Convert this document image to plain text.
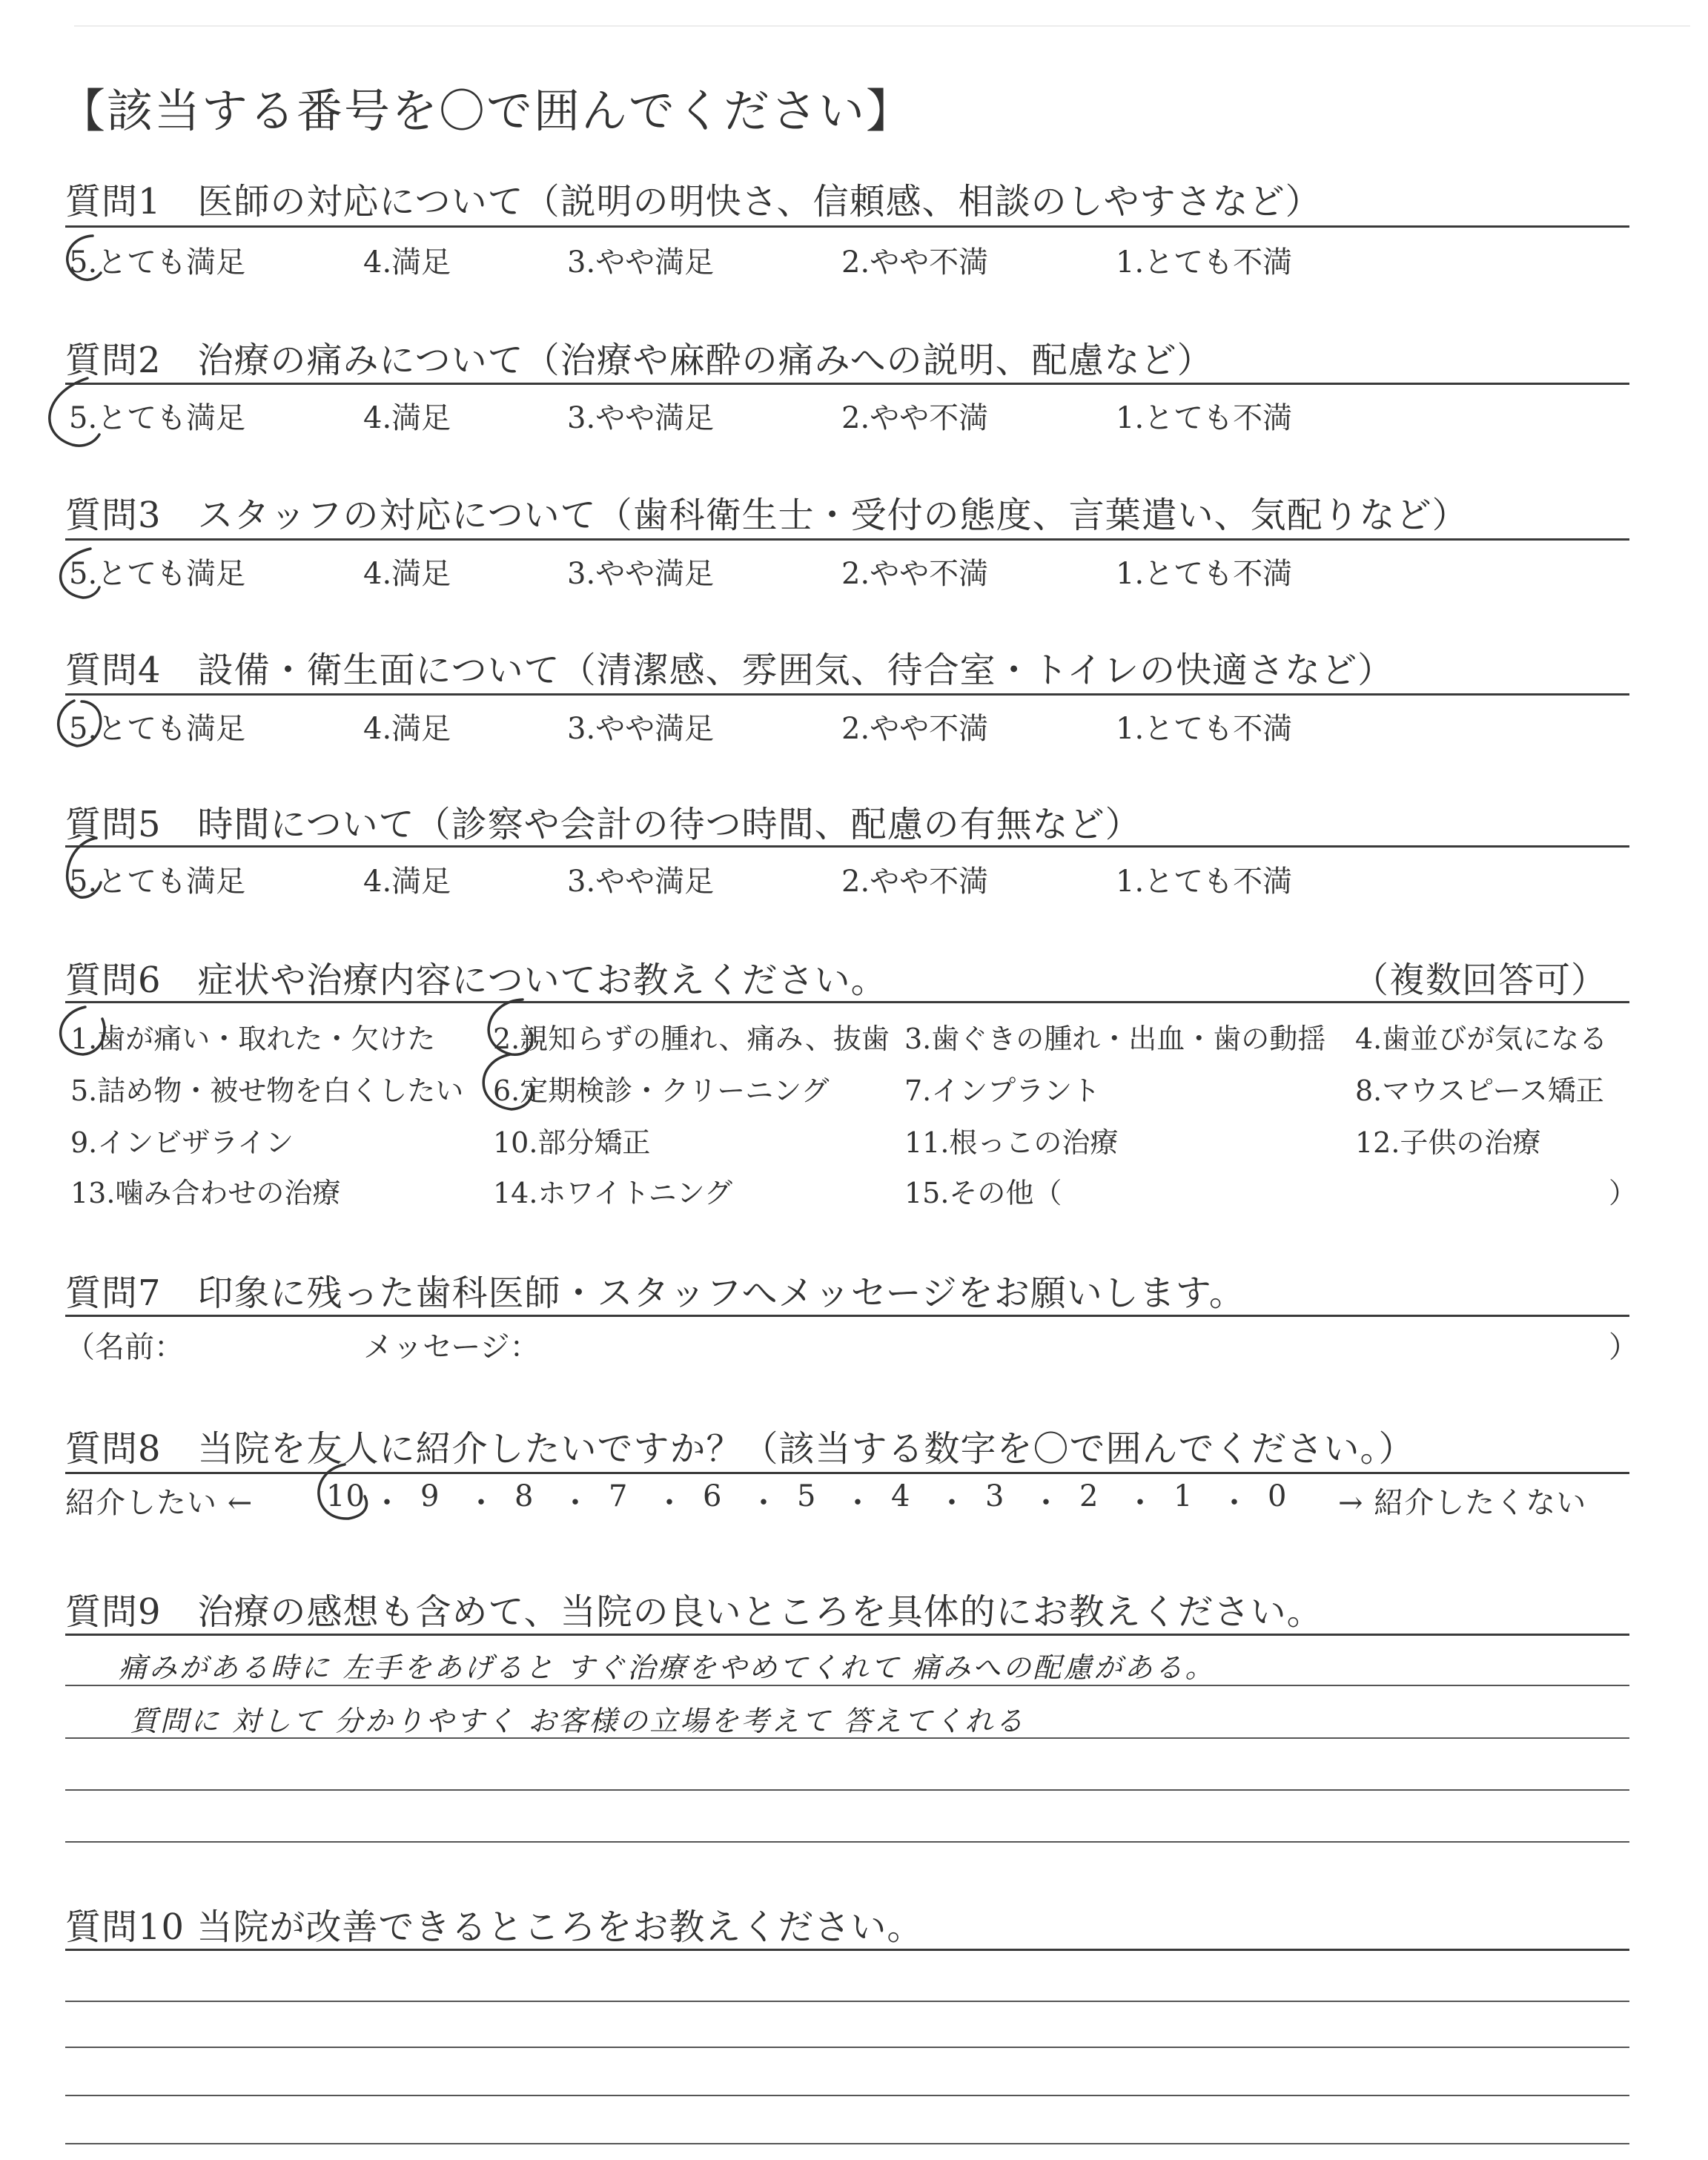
【該当する番号を〇で囲んでください】
質問1　医師の対応について（説明の明快さ、信頼感、相談のしやすさなど）
5.とても満足	4.満足	3.やや満足	2.やや不満	1.とても不満
質問2　治療の痛みについて（治療や麻酔の痛みへの説明、配慮など）
5.とても満足	4.満足	3.やや満足	2.やや不満	1.とても不満
質問3　スタッフの対応について（歯科衛生士・受付の態度、言葉遣い、気配りなど）
5.とても満足	4.満足	3.やや満足	2.やや不満	1.とても不満
質問4　設備・衛生面について（清潔感、雰囲気、待合室・トイレの快適さなど）
5.とても満足	4.満足	3.やや満足	2.やや不満	1.とても不満
質問5　時間について（診察や会計の待つ時間、配慮の有無など）
5.とても満足	4.満足	3.やや満足	2.やや不満	1.とても不満
質問6　症状や治療内容についてお教えください。	（複数回答可）
1.歯が痛い・取れた・欠けた 2.親知らずの腫れ、痛み、抜歯 3.歯ぐきの腫れ・出血・歯の動揺 4.歯並びが気になる
5.詰め物・被せ物を白くしたい 6.定期検診・クリーニング	7.インプラント	8.マウスピース矯正
9.インビザライン	10.部分矯正	11.根っこの治療	12.子供の治療
13.噛み合わせの治療	14.ホワイトニング	15.その他（	）
質問7　印象に残った歯科医師・スタッフへメッセージをお願いします。
（名前：	メッセージ：	）
質問8　当院を友人に紹介したいですか？（該当する数字を〇で囲んでください。）
紹介したい ←	→ 紹介したくない
10 ・ 9 ・ 8 ・ 7 ・ 6 ・ 5 ・ 4 ・ 3 ・ 2 ・ 1 ・ 0
質問9　治療の感想も含めて、当院の良いところを具体的にお教えください。
痛みがある時に 左手をあげると すぐ治療をやめてくれて 痛みへの配慮がある。
質問に 対して 分かりやすく お客様の立場を考えて 答えてくれる
質問10 当院が改善できるところをお教えください。
